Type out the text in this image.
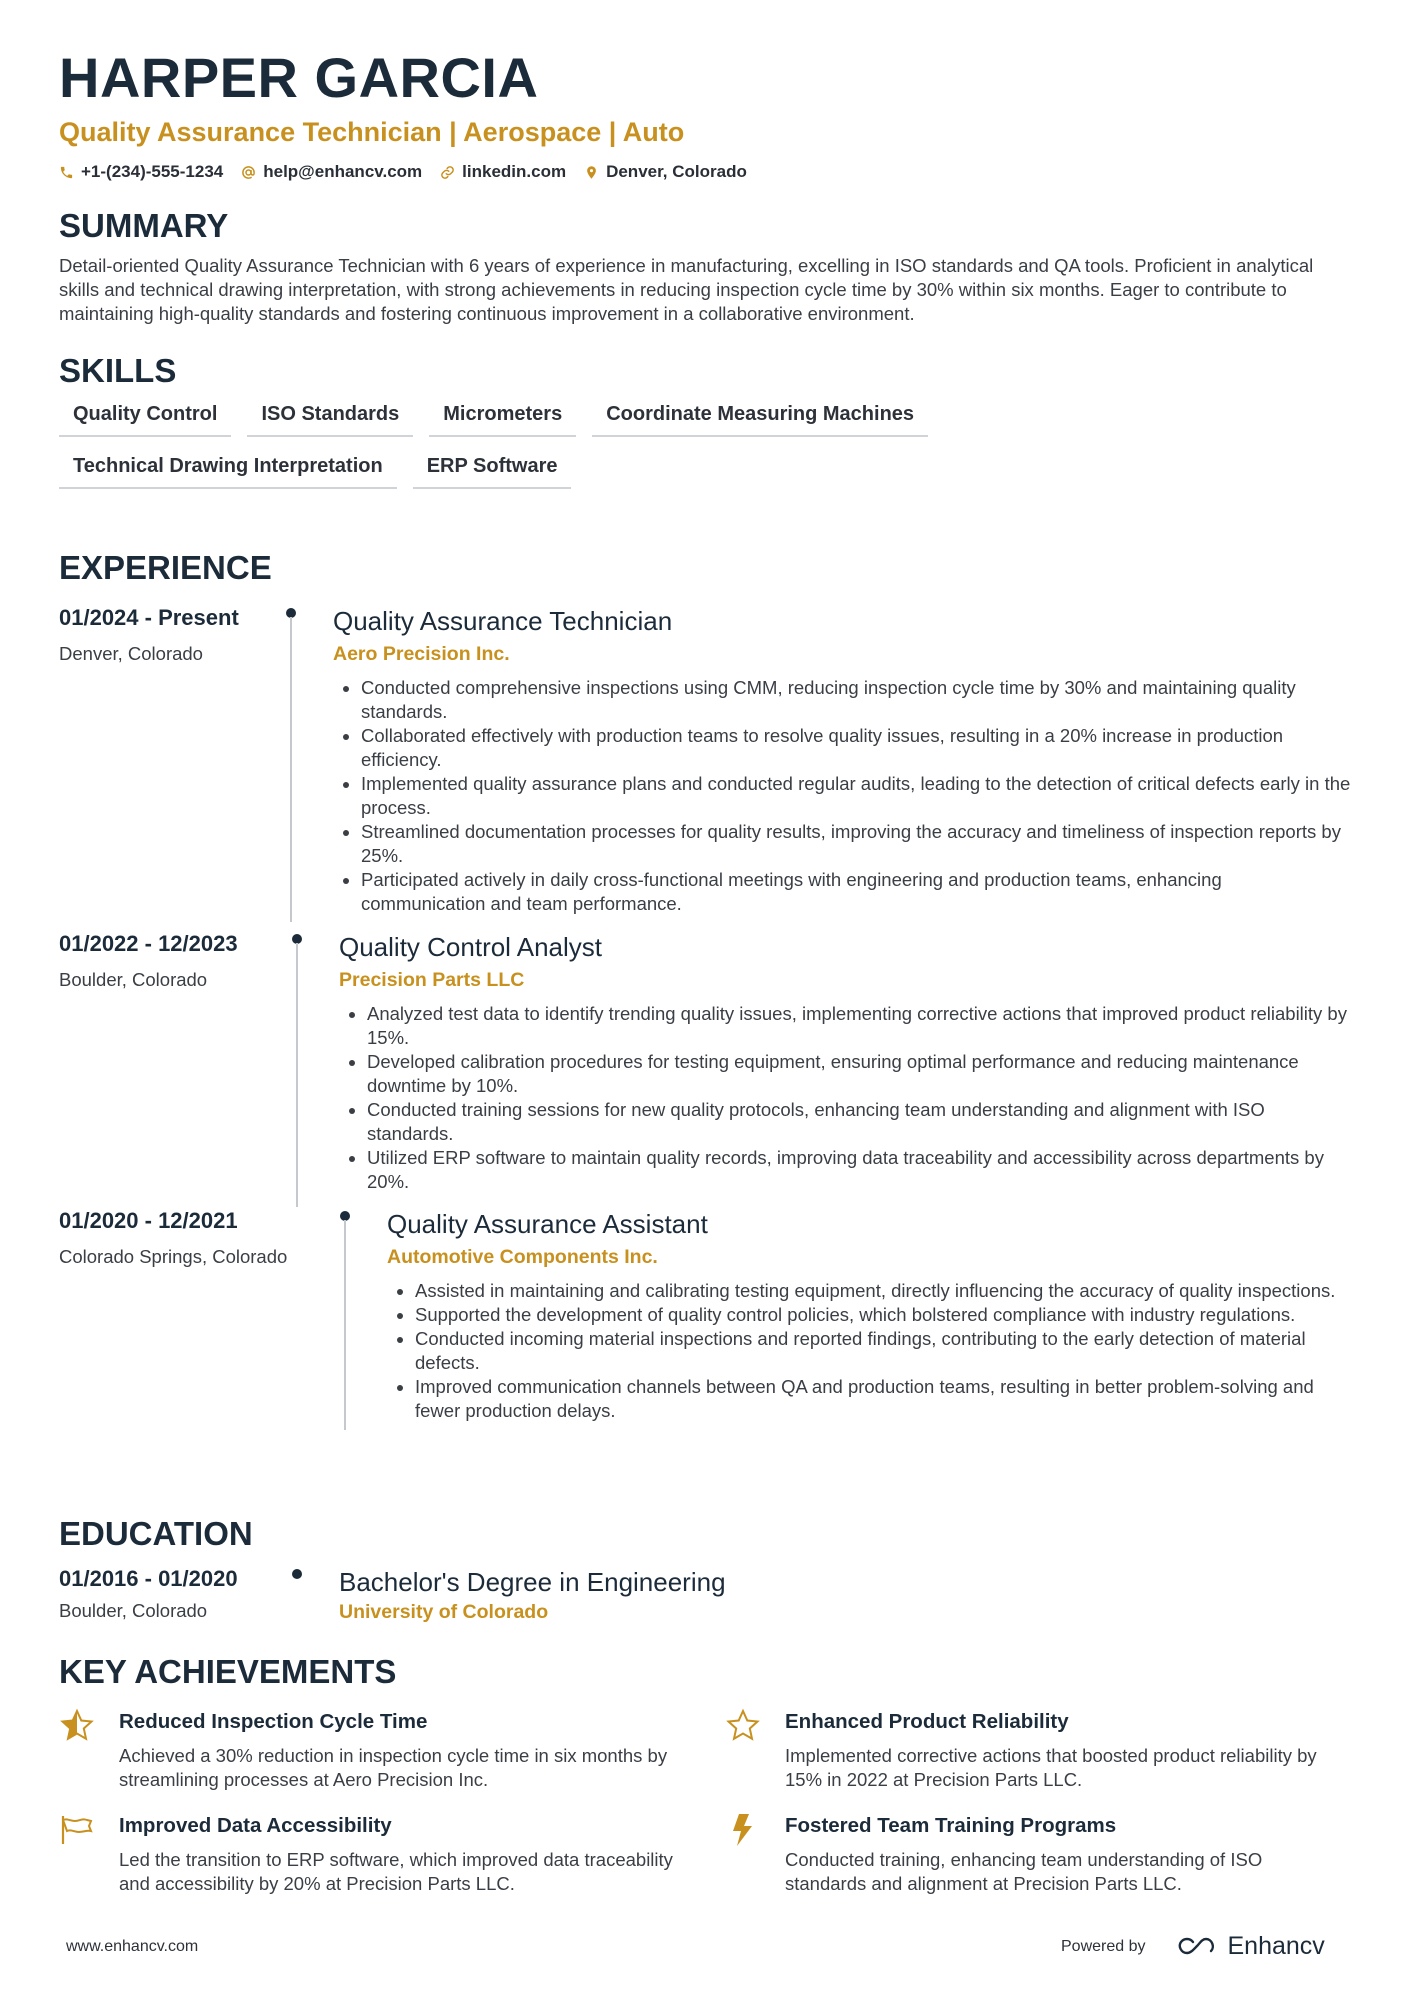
HARPER GARCIA
Quality Assurance Technician | Aerospace | Auto
+1-(234)-555-1234 help@enhancv.com linkedin.com Denver, Colorado
SUMMARY

Detail-oriented Quality Assurance Technician with 6 years of experience in manufacturing, excelling in ISO standards and QA tools. Proficient in analytical skills and technical drawing interpretation, with strong achievements in reducing inspection cycle time by 30% within six months. Eager to contribute to maintaining high-quality standards and fostering continuous improvement in a collaborative environment.

SKILLS
Quality Control	ISO Standards	Micrometers	Coordinate Measuring Machines
Technical Drawing Interpretation	ERP Software
EXPERIENCE
01/2024 - Present
Denver, Colorado
Quality Assurance Technician
Aero Precision Inc.
• Conducted comprehensive inspections using CMM, reducing inspection cycle time by 30% and maintaining quality standards.
• Collaborated effectively with production teams to resolve quality issues, resulting in a 20% increase in production efficiency.
• Implemented quality assurance plans and conducted regular audits, leading to the detection of critical defects early in the process.
• Streamlined documentation processes for quality results, improving the accuracy and timeliness of inspection reports by 25%.
• Participated actively in daily cross-functional meetings with engineering and production teams, enhancing communication and team performance.
01/2022 - 12/2023
Boulder, Colorado
Quality Control Analyst
Precision Parts LLC
• Analyzed test data to identify trending quality issues, implementing corrective actions that improved product reliability by 15%.
• Developed calibration procedures for testing equipment, ensuring optimal performance and reducing maintenance downtime by 10%.
• Conducted training sessions for new quality protocols, enhancing team understanding and alignment with ISO standards.
• Utilized ERP software to maintain quality records, improving data traceability and accessibility across departments by 20%.
01/2020 - 12/2021
Colorado Springs, Colorado
Quality Assurance Assistant
Automotive Components Inc.
• Assisted in maintaining and calibrating testing equipment, directly influencing the accuracy of quality inspections.
• Supported the development of quality control policies, which bolstered compliance with industry regulations.
• Conducted incoming material inspections and reported findings, contributing to the early detection of material defects.
• Improved communication channels between QA and production teams, resulting in better problem-solving and fewer production delays.
EDUCATION
01/2016 - 01/2020
Boulder, Colorado
Bachelor's Degree in Engineering
University of Colorado
KEY ACHIEVEMENTS
Reduced Inspection Cycle Time
Achieved a 30% reduction in inspection cycle time in six months by streamlining processes at Aero Precision Inc.
Enhanced Product Reliability
Implemented corrective actions that boosted product reliability by 15% in 2022 at Precision Parts LLC.
Improved Data Accessibility
Led the transition to ERP software, which improved data traceability and accessibility by 20% at Precision Parts LLC.
Fostered Team Training Programs
Conducted training, enhancing team understanding of ISO standards and alignment at Precision Parts LLC.
www.enhancv.com	Powered by	Enhancv
